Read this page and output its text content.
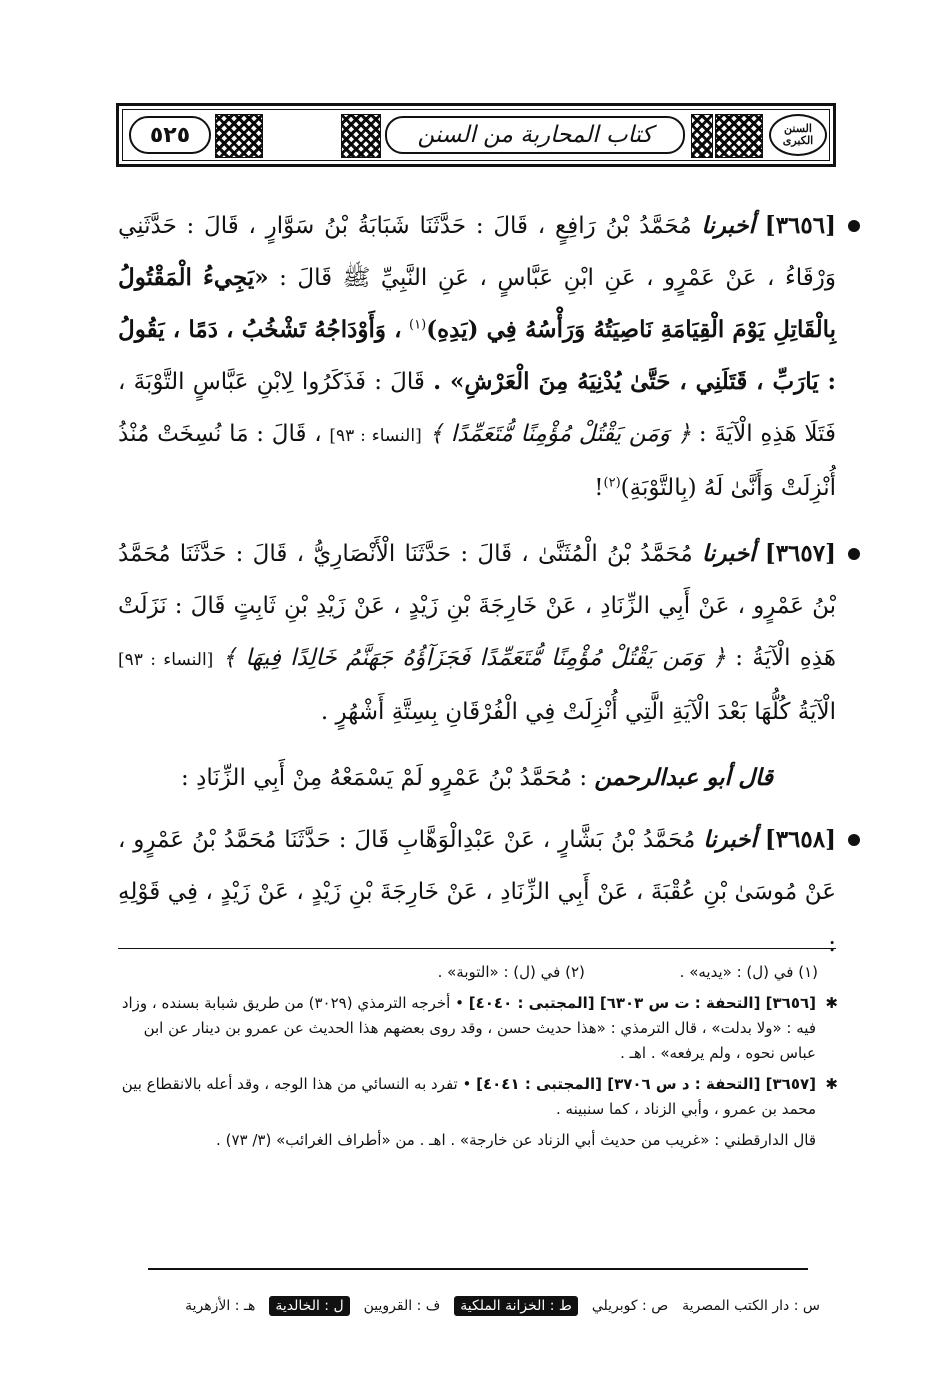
٥٢٥	كتاب المحاربة من السنن	السنن الكبرى

[٣٦٥٦] أخبرنا مُحَمَّدُ بْنُ رَافِعٍ ، قَالَ : حَدَّثَنَا شَبَابَةُ بْنُ سَوَّارٍ ، قَالَ : حَدَّثَنِي وَرْقَاءُ ، عَنْ عَمْرٍو ، عَنِ ابْنِ عَبَّاسٍ ، عَنِ النَّبِيِّ ﷺ قَالَ : «يَجِيءُ الْمَقْتُولُ بِالْقَاتِلِ يَوْمَ الْقِيَامَةِ نَاصِيَتُهُ وَرَأْسُهُ فِي (يَدِهِ)$^{(١)}$ ، وَأَوْدَاجُهُ تَشْخُبُ ، دَمًا ، يَقُولُ : يَارَبِّ ، قَتَلَنِي ، حَتَّىٰ يُدْنِيَهُ مِنَ الْعَرْشِ» . قَالَ : فَذَكَرُوا لِابْنِ عَبَّاسٍ التَّوْبَةَ ، فَتَلَا هَذِهِ الْآيَةَ : ﴿ وَمَن يَقْتُلْ مُؤْمِنًا مُّتَعَمِّدًا ﴾ [النساء : ٩٣] ، قَالَ : مَا نُسِخَتْ مُنْذُ أُنْزِلَتْ وَأَنَّىٰ لَهُ (بِالتَّوْبَةِ)$^{(٢)}$!

[٣٦٥٧] أخبرنا مُحَمَّدُ بْنُ الْمُثَنَّىٰ ، قَالَ : حَدَّثَنَا الْأَنْصَارِيُّ ، قَالَ : حَدَّثَنَا مُحَمَّدُ بْنُ عَمْرٍو ، عَنْ أَبِي الزِّنَادِ ، عَنْ خَارِجَةَ بْنِ زَيْدٍ ، عَنْ زَيْدِ بْنِ ثَابِتٍ قَالَ : نَزَلَتْ هَذِهِ الْآيَةُ : ﴿ وَمَن يَقْتُلْ مُؤْمِنًا مُّتَعَمِّدًا فَجَزَآؤُهُ جَهَنَّمُ خَالِدًا فِيهَا ﴾ [النساء : ٩٣] الْآيَةُ كُلُّهَا بَعْدَ الْآيَةِ الَّتِي أُنْزِلَتْ فِي الْفُرْقَانِ بِسِتَّةِ أَشْهُرٍ .

قال أبو عبدالرحمن : مُحَمَّدُ بْنُ عَمْرٍو لَمْ يَسْمَعْهُ مِنْ أَبِي الزِّنَادِ :

[٣٦٥٨] أخبرنا مُحَمَّدُ بْنُ بَشَّارٍ ، عَنْ عَبْدِالْوَهَّابِ قَالَ : حَدَّثَنَا مُحَمَّدُ بْنُ عَمْرٍو ، عَنْ مُوسَىٰ بْنِ عُقْبَةَ ، عَنْ أَبِي الزِّنَادِ ، عَنْ خَارِجَةَ بْنِ زَيْدٍ ، عَنْ زَيْدٍ ، فِي قَوْلِهِ :

(١) في (ل) : «يديه» . (٢) في (ل) : «التوبة» .

✱

[٣٦٥٦] [التحفة : ت س ٦٣٠٣] [المجتبى : ٤٠٤٠] • أخرجه الترمذي (٣٠٢٩) من طريق شبابة بسنده ، وزاد فيه : «ولا بدلت» ، قال الترمذي : «هذا حديث حسن ، وقد روى بعضهم هذا الحديث عن عمرو بن دينار عن ابن عباس نحوه ، ولم يرفعه» . اهـ .

✱

[٣٦٥٧] [التحفة : د س ٣٧٠٦] [المجتبى : ٤٠٤١] • تفرد به النسائي من هذا الوجه ، وقد أعله بالانقطاع بين محمد بن عمرو ، وأبي الزناد ، كما سنبينه .

قال الدارقطني : «غريب من حديث أبي الزناد عن خارجة» . اهـ . من «أطراف الغرائب» (٣/ ٧٣) .

س : دار الكتب المصرية
ص : كوبريلي
ط : الخزانة الملكية
ف : القرويين
ل : الخالدية
هـ : الأزهرية
